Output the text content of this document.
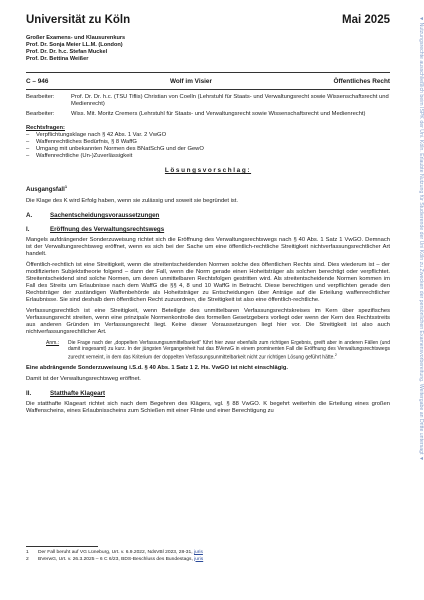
Universität zu Köln	Mai 2025
Großer Examens- und Klausurenkurs
Prof. Dr. Sonja Meier LL.M. (London)
Prof. Dr. Dr. h.c. Stefan Muckel
Prof. Dr. Bettina Weißer
C – 946	Wolf im Visier	Öffentliches Recht
Bearbeiter:	Prof. Dr. Dr. h.c. (TSU Tiflis) Christian von Coelln (Lehrstuhl für Staats- und Verwaltungsrecht sowie Wissenschaftsrecht und Medienrecht)
Bearbeiter:	Wiss. Mit. Moritz Cremers (Lehrstuhl für Staats- und Verwaltungsrecht sowie Wissenschaftsrecht und Medienrecht)
Rechtsfragen:
– Verpflichtungsklage nach § 42 Abs. 1 Var. 2 VwGO
– Waffenrechtliches Bedürfnis, § 8 WaffG
– Umgang mit unbekannten Normen des BNatSchG und der GewO
– Waffenrechtliche (Un-)Zuverlässigkeit
Lösungsvorschlag:
Ausgangsfall$^1$

Die Klage des K wird Erfolg haben, wenn sie zulässig und soweit sie begründet ist.

A.	Sachentscheidungsvoraussetzungen
I.	Eröffnung des Verwaltungsrechtswegs

Mangels aufdrängender Sonderzuweisung richtet sich die Eröffnung des Verwaltungsrechtswegs nach § 40 Abs. 1 Satz 1 VwGO. Demnach ist der Verwaltungsrechtsweg eröffnet, wenn es sich bei der Sache um eine öffentlich-rechtliche Streitigkeit nichtverfassungsrechtlicher Art handelt.

Öffentlich-rechtlich ist eine Streitigkeit, wenn die streitentscheidenden Normen solche des öffentlichen Rechts sind. Dies wiederum ist – der modifizierten Subjektstheorie folgend – dann der Fall, wenn die Norm gerade einen Hoheitsträger als solchen berechtigt oder verpflichtet. Streitentscheidend sind solche Normen, um deren unmittelbaren Rechtsfolgen gestritten wird. Als streitentscheidende Normen kommen im Fall des Streits um Erlaubnisse nach dem WaffG die §§ 4, 8 und 10 WaffG in Betracht. Diese berechtigen und verpflichten gerade den Rechtsträger der zuständigen Waffenbehörde als Hoheitsträger zu Entscheidungen über Anträge auf die Erteilung waffenrechtlicher Erlaubnisse. Sie sind deshalb dem öffentlichen Recht zuzuordnen, die Streitigkeit ist also eine öffentlich-rechtliche.

Verfassungsrechtlich ist eine Streitigkeit, wenn Beteiligte des unmittelbaren Verfassungsrechtskreises im Kern über spezifisches Verfassungsrecht streiten, wenn eine prinzipale Normenkontrolle des formellen Gesetzgebers vorliegt oder wenn der Kern des Rechtsstreits aus anderen Gründen im Verfassungsrecht liegt. Keine dieser Voraussetzungen liegt hier vor. Die Streitigkeit ist also auch nichtverfassungsrechtlicher Art.

Anm.:	Die Frage nach der „doppelten Verfassungsunmittelbarkeit“ führt hier zwar ebenfalls zum richtigen Ergebnis, greift aber in anderen Fällen (und damit insgesamt) zu kurz. In der jüngsten Vergangenheit hat das BVerwG in einem prominenten Fall die Eröffnung des Verwaltungsrechtswegs zurecht verneint, in dem das Kriterium der doppelten Verfassungsunmittelbarkeit nicht zur richtigen Lösung geführt hätte.$^2$

Eine abdrängende Sonderzuweisung i.S.d. § 40 Abs. 1 Satz 1 2. Hs. VwGO ist nicht einschlägig.

Damit ist der Verwaltungsrechtsweg eröffnet.

II.	Statthafte Klageart

Die statthafte Klageart richtet sich nach dem Begehren des Klägers, vgl. § 88 VwGO. K begehrt weiterhin die Erteilung eines großen Waffenscheins, eines Erlaubnisscheins zum Schießen mit einer Flinte und einer Berechtigung zu

1	Der Fall beruht auf VG Lüneburg, Urt. v. 6.9.2022, NdsVBl 2023, 28-31, juris
2	BVerwG, Urt. v. 26.3.2025 – 6 C 6/23, BDS-Beschluss des Bundestags, juris
▼ Nutzungsrechte ausschließlich beim ISPK der Uni. Köln. Erlaubte Nutzung für Studierende der Uni Köln zu Zwecken der persönlichen Examensvorbereitung. Weitergabe an Dritte untersagt ▼
